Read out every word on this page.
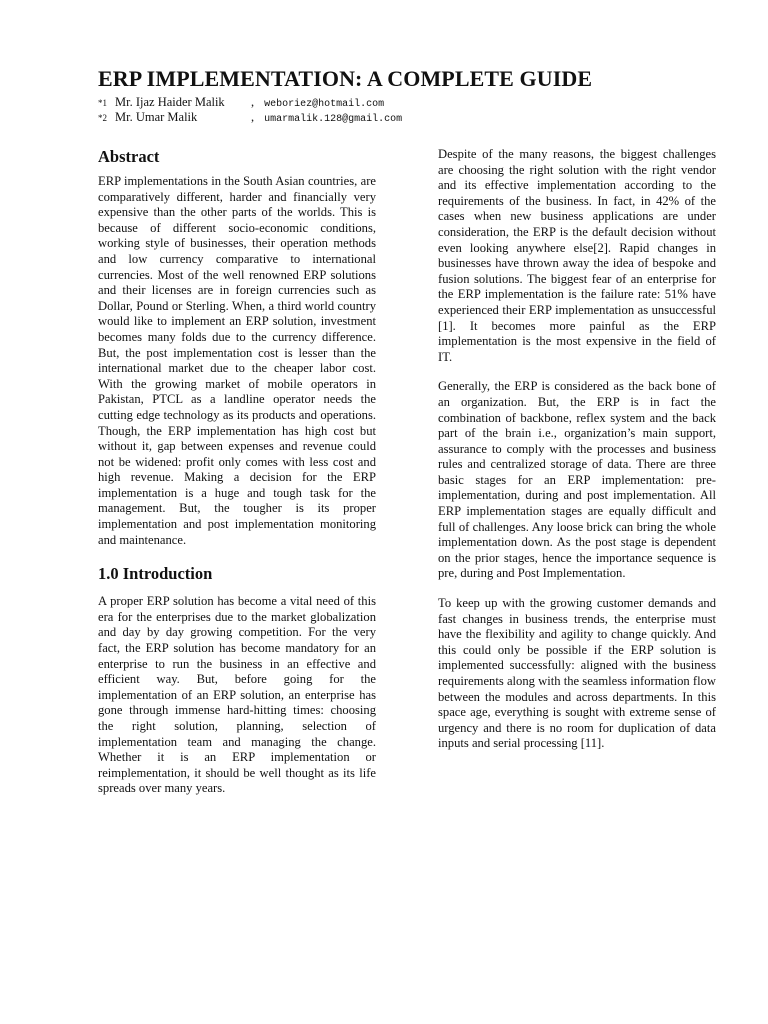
ERP IMPLEMENTATION: A COMPLETE GUIDE
*1 Mr. Ijaz Haider Malik	, weboriez@hotmail.com
*2 Mr. Umar Malik	, umarmalik.128@gmail.com
Abstract

ERP implementations in the South Asian countries, are comparatively different, harder and financially very expensive than the other parts of the worlds. This is because of different socio-economic conditions, working style of businesses, their operation methods and low currency comparative to international currencies. Most of the well renowned ERP solutions and their licenses are in foreign currencies such as Dollar, Pound or Sterling. When, a third world country would like to implement an ERP solution, investment becomes many folds due to the currency difference. But, the post implementation cost is lesser than the international market due to the cheaper labor cost. With the growing market of mobile operators in Pakistan, PTCL as a landline operator needs the cutting edge technology as its products and operations. Though, the ERP implementation has high cost but without it, gap between expenses and revenue could not be widened: profit only comes with less cost and high revenue. Making a decision for the ERP implementation is a huge and tough task for the management. But, the tougher is its proper implementation and post implementation monitoring and maintenance.

1.0 Introduction

A proper ERP solution has become a vital need of this era for the enterprises due to the market globalization and day by day growing competition. For the very fact, the ERP solution has become mandatory for an enterprise to run the business in an effective and efficient way. But, before going for the implementation of an ERP solution, an enterprise has gone through immense hard-hitting times: choosing the right solution, planning, selection of implementation team and managing the change. Whether it is an ERP implementation or reimplementation, it should be well thought as its life spreads over many years.

Despite of the many reasons, the biggest challenges are choosing the right solution with the right vendor and its effective implementation according to the requirements of the business. In fact, in 42% of the cases when new business applications are under consideration, the ERP is the default decision without even looking anywhere else[2]. Rapid changes in businesses have thrown away the idea of bespoke and fusion solutions. The biggest fear of an enterprise for the ERP implementation is the failure rate: 51% have experienced their ERP implementation as unsuccessful [1]. It becomes more painful as the ERP implementation is the most expensive in the field of IT.

Generally, the ERP is considered as the back bone of an organization. But, the ERP is in fact the combination of backbone, reflex system and the back part of the brain i.e., organization’s main support, assurance to comply with the processes and business rules and centralized storage of data. There are three basic stages for an ERP implementation: pre-implementation, during and post implementation. All ERP implementation stages are equally difficult and full of challenges. Any loose brick can bring the whole implementation down. As the post stage is dependent on the prior stages, hence the importance sequence is pre, during and Post Implementation.

To keep up with the growing customer demands and fast changes in business trends, the enterprise must have the flexibility and agility to change quickly. And this could only be possible if the ERP solution is implemented successfully: aligned with the business requirements along with the seamless information flow between the modules and across departments. In this space age, everything is sought with extreme sense of urgency and there is no room for duplication of data inputs and serial processing [11].
